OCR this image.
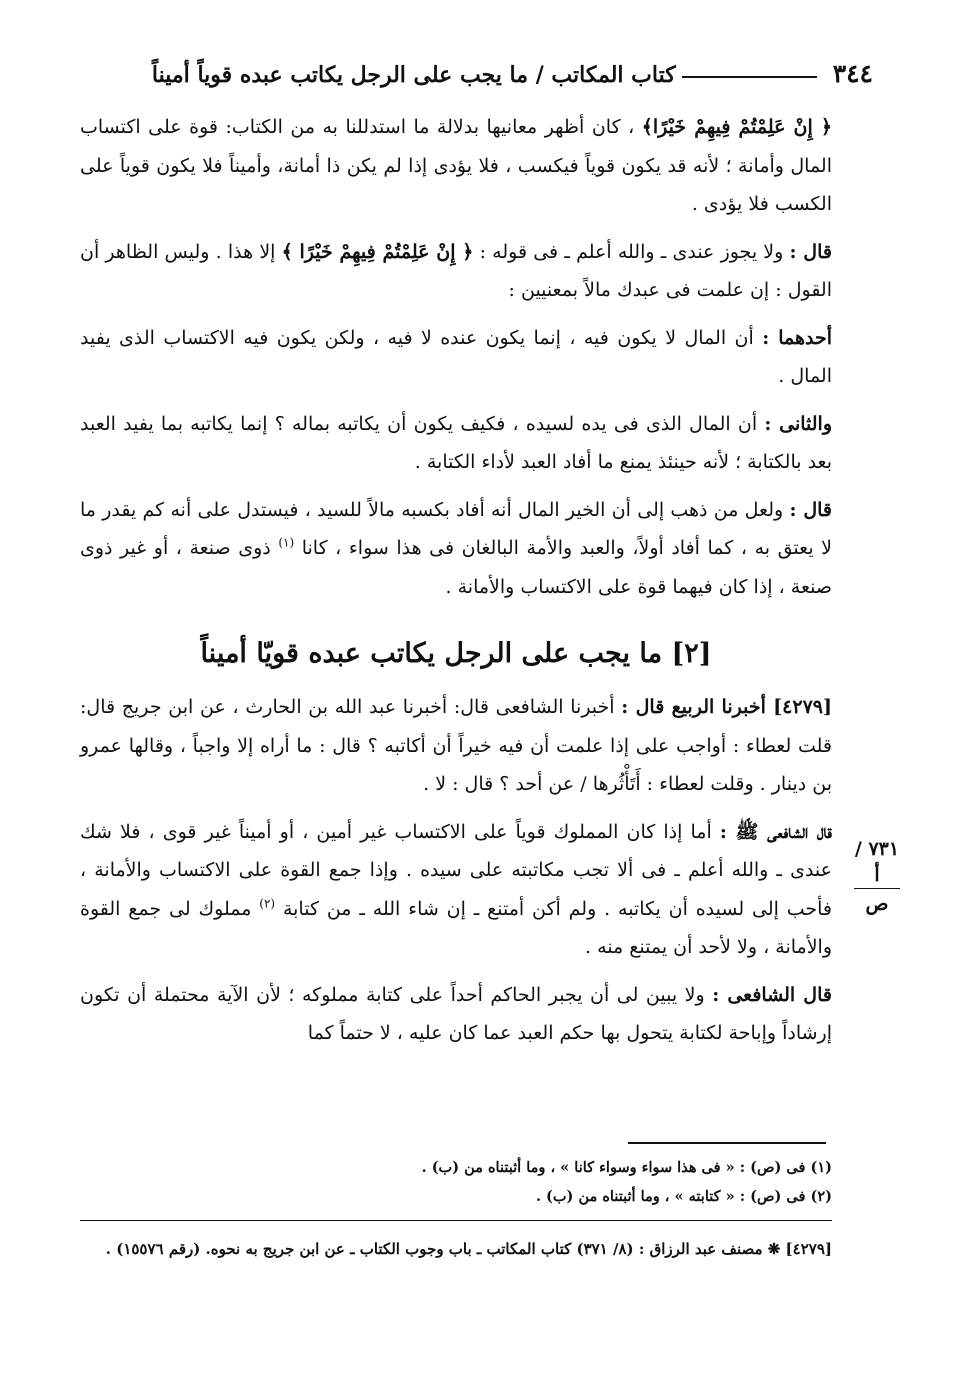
٣٤٤
كتاب المكاتب / ما يجب على الرجل يكاتب عبده قوياً أميناً

﴿ إِنْ عَلِمْتُمْ فِيهِمْ خَيْرًا﴾ ، كان أظهر معانيها بدلالة ما استدللنا به من الكتاب: قوة على اكتساب المال وأمانة ؛ لأنه قد يكون قوياً فيكسب ، فلا يؤدى إذا لم يكن ذا أمانة، وأميناً فلا يكون قوياً على الكسب فلا يؤدى .

قال : ولا يجوز عندى ـ والله أعلم ـ فى قوله : ﴿ إِنْ عَلِمْتُمْ فِيهِمْ خَيْرًا ﴾ إلا هذا . وليس الظاهر أن القول : إن علمت فى عبدك مالاً بمعنيين :

أحدهما : أن المال لا يكون فيه ، إنما يكون عنده لا فيه ، ولكن يكون فيه الاكتساب الذى يفيد المال .

والثانى : أن المال الذى فى يده لسيده ، فكيف يكون أن يكاتبه بماله ؟ إنما يكاتبه بما يفيد العبد بعد بالكتابة ؛ لأنه حينئذ يمنع ما أفاد العبد لأداء الكتابة .

قال : ولعل من ذهب إلى أن الخير المال أنه أفاد بكسبه مالاً للسيد ، فيستدل على أنه كم يقدر ما لا يعتق به ، كما أفاد أولاً، والعبد والأمة البالغان فى هذا سواء ، كانا $^{(١)}$ ذوى صنعة ، أو غير ذوى صنعة ، إذا كان فيهما قوة على الاكتساب والأمانة .

[٢] ما يجب على الرجل يكاتب عبده قويّا أميناً

[٤٢٧٩] أخبرنا الربيع قال : أخبرنا الشافعى قال: أخبرنا عبد الله بن الحارث ، عن ابن جريج قال: قلت لعطاء : أواجب على إذا علمت أن فيه خيراً أن أكاتبه ؟ قال : ما أراه إلا واجباً ، وقالها عمرو بن دينار . وقلت لعطاء : أَتَأْثُرها / عن أحد ؟ قال : لا .

قال الشافعى ﷺ : أما إذا كان المملوك قوياً على الاكتساب غير أمين ، أو أميناً غير قوى ، فلا شك عندى ـ والله أعلم ـ فى ألا تجب مكاتبته على سيده . وإذا جمع القوة على الاكتساب والأمانة ، فأحب إلى لسيده أن يكاتبه . ولم أكن أمتنع ـ إن شاء الله ـ من كتابة $^{(٢)}$ مملوك لى جمع القوة والأمانة ، ولا لأحد أن يمتنع منه .

قال الشافعى : ولا يبين لى أن يجبر الحاكم أحداً على كتابة مملوكه ؛ لأن الآية محتملة أن تكون إرشاداً وإباحة لكتابة يتحول بها حكم العبد عما كان عليه ، لا حتماً كما

٧٣١ / أ
ص
(١) فى (ص) : « فى هذا سواء وسواء كانا » ، وما أثبتناه من (ب) .
(٢) فى (ص) : « كتابته » ، وما أثبتناه من (ب) .
[٤٢٧٩] ❋ مصنف عبد الرزاق : (٨/ ٣٧١) كتاب المكاتب ـ باب وجوب الكتاب ـ عن ابن جريج به نحوه. (رقم ١٥٥٧٦) .
